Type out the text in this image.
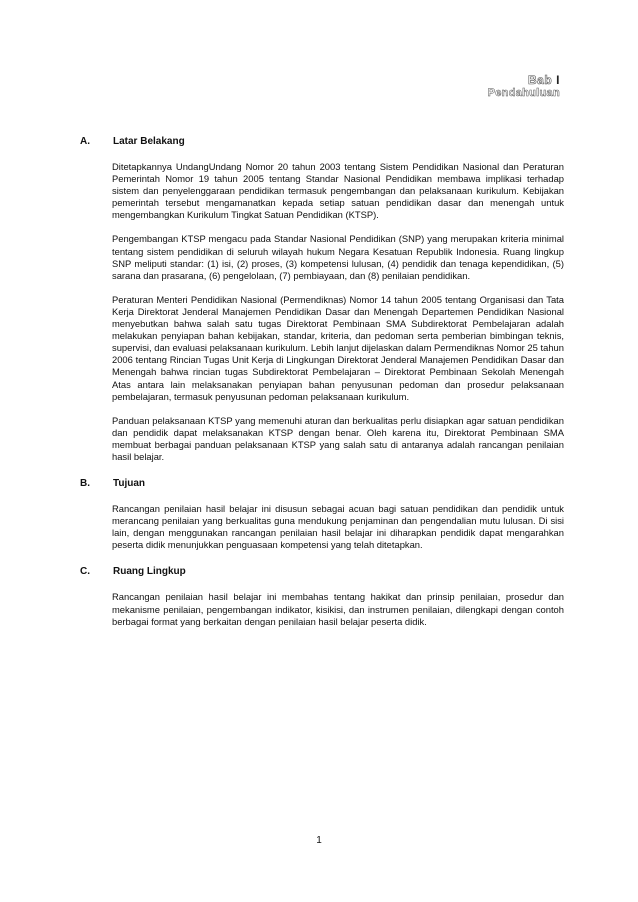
Bab I
Pendahuluan
A.	Latar Belakang

Ditetapkannya UndangUndang Nomor 20 tahun 2003 tentang Sistem Pendidikan Nasional dan Peraturan Pemerintah Nomor 19 tahun 2005 tentang Standar Nasional Pendidikan membawa implikasi terhadap sistem dan penyelenggaraan pendidikan termasuk pengembangan dan pelaksanaan kurikulum. Kebijakan pemerintah tersebut mengamanatkan kepada setiap satuan pendidikan dasar dan menengah untuk mengembangkan Kurikulum Tingkat Satuan Pendidikan (KTSP).

Pengembangan KTSP mengacu pada Standar Nasional Pendidikan (SNP) yang merupakan kriteria minimal tentang sistem pendidikan di seluruh wilayah hukum Negara Kesatuan Republik Indonesia. Ruang lingkup SNP meliputi standar: (1) isi, (2) proses, (3) kompetensi lulusan, (4) pendidik dan tenaga kependidikan, (5) sarana dan prasarana, (6) pengelolaan, (7) pembiayaan, dan (8) penilaian pendidikan.

Peraturan Menteri Pendidikan Nasional (Permendiknas) Nomor 14 tahun 2005 tentang Organisasi dan Tata Kerja Direktorat Jenderal Manajemen Pendidikan Dasar dan Menengah Departemen Pendidikan Nasional menyebutkan bahwa salah satu tugas Direktorat Pembinaan SMA Subdirektorat Pembelajaran adalah melakukan penyiapan bahan kebijakan, standar, kriteria, dan pedoman serta pemberian bimbingan teknis, supervisi, dan evaluasi pelaksanaan kurikulum. Lebih lanjut dijelaskan dalam Permendiknas Nomor 25 tahun 2006 tentang Rincian Tugas Unit Kerja di Lingkungan Direktorat Jenderal Manajemen Pendidikan Dasar dan Menengah bahwa rincian tugas Subdirektorat Pembelajaran – Direktorat Pembinaan Sekolah Menengah Atas antara lain melaksanakan penyiapan bahan penyusunan pedoman dan prosedur pelaksanaan pembelajaran, termasuk penyusunan pedoman pelaksanaan kurikulum.

Panduan pelaksanaan KTSP yang memenuhi aturan dan berkualitas perlu disiapkan agar satuan pendidikan dan pendidik dapat melaksanakan KTSP dengan benar. Oleh karena itu, Direktorat Pembinaan SMA membuat berbagai panduan pelaksanaan KTSP yang salah satu di antaranya adalah rancangan penilaian hasil belajar.

B.	Tujuan

Rancangan penilaian hasil belajar ini disusun sebagai acuan bagi satuan pendidikan dan pendidik untuk merancang penilaian yang berkualitas guna mendukung penjaminan dan pengendalian mutu lulusan. Di sisi lain, dengan menggunakan rancangan penilaian hasil belajar ini diharapkan pendidik dapat mengarahkan peserta didik menunjukkan penguasaan kompetensi yang telah ditetapkan.

C.	Ruang Lingkup

Rancangan penilaian hasil belajar ini membahas tentang hakikat dan prinsip penilaian, prosedur dan mekanisme penilaian, pengembangan indikator, kisikisi, dan instrumen penilaian, dilengkapi dengan contoh berbagai format yang berkaitan dengan penilaian hasil belajar peserta didik.

1
